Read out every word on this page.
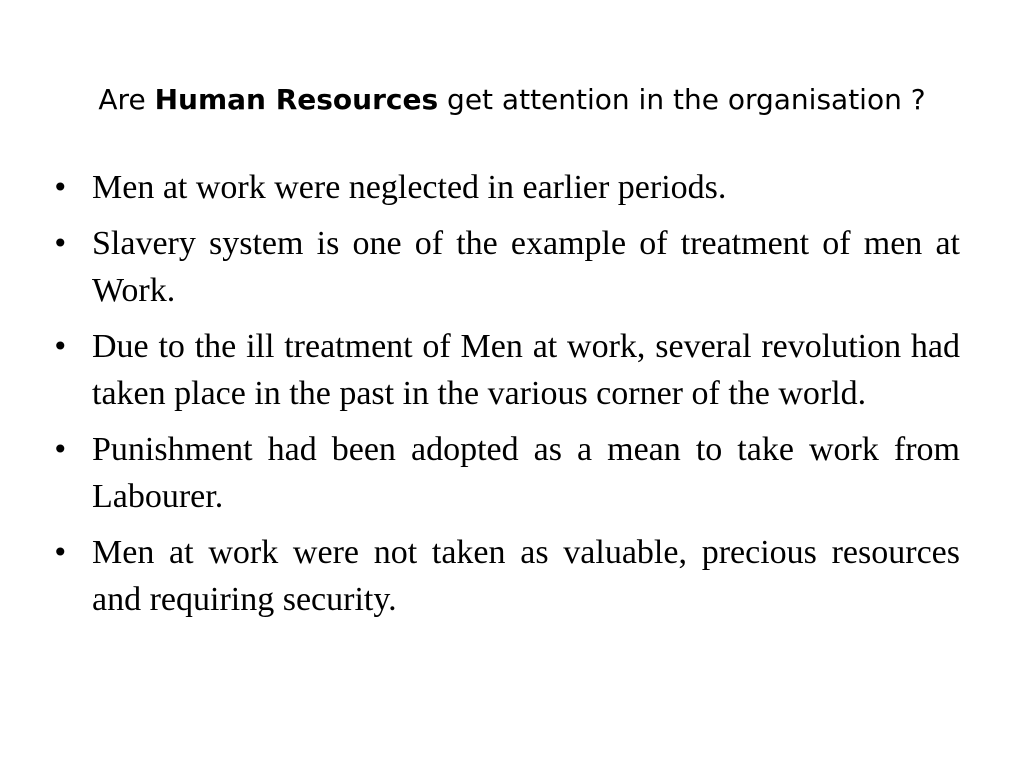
Are Human Resources get attention in the organisation ?
• Men at work were neglected in earlier periods.
• Slavery system is one of the example of treatment of men at Work.
• Due to the ill treatment of Men at work, several revolution had taken place in the past in the various corner of the world.
• Punishment had been adopted as a mean to take work from Labourer.
• Men at work were not taken as valuable, precious resources and requiring security.
